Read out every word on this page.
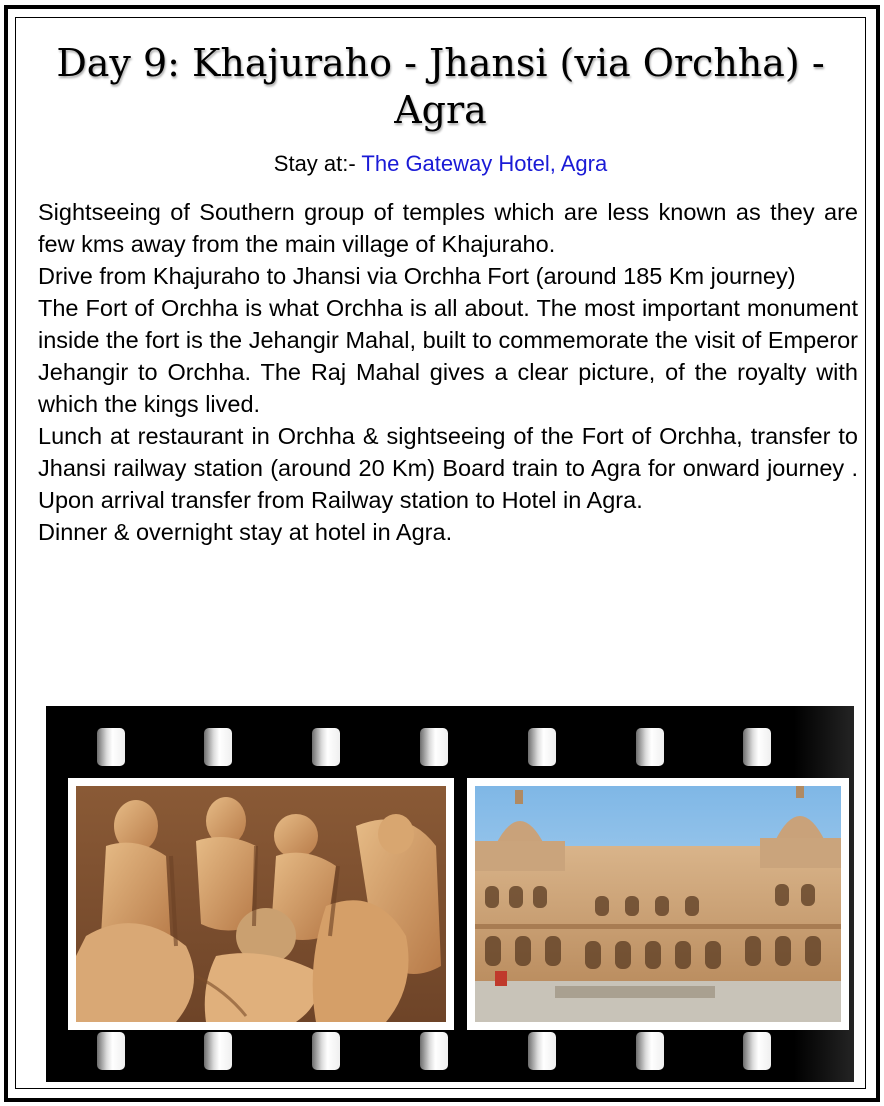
Day 9: Khajuraho - Jhansi (via Orchha) - Agra
Stay at:- The Gateway Hotel, Agra

Sightseeing of Southern group of temples which are less known as they are few kms away from the main village of Khajuraho.

Drive from Khajuraho to Jhansi via Orchha Fort (around 185 Km journey)

The Fort of Orchha is what Orchha is all about. The most important monument inside the fort is the Jehangir Mahal, built to commemorate the visit of Emperor Jehangir to Orchha. The Raj Mahal gives a clear picture, of the royalty with which the kings lived.

Lunch at restaurant in Orchha & sightseeing of the Fort of Orchha, transfer to Jhansi railway station (around 20 Km) Board train to Agra for onward journey . Upon arrival transfer from Railway station to Hotel in Agra.

Dinner & overnight stay at hotel in Agra.
